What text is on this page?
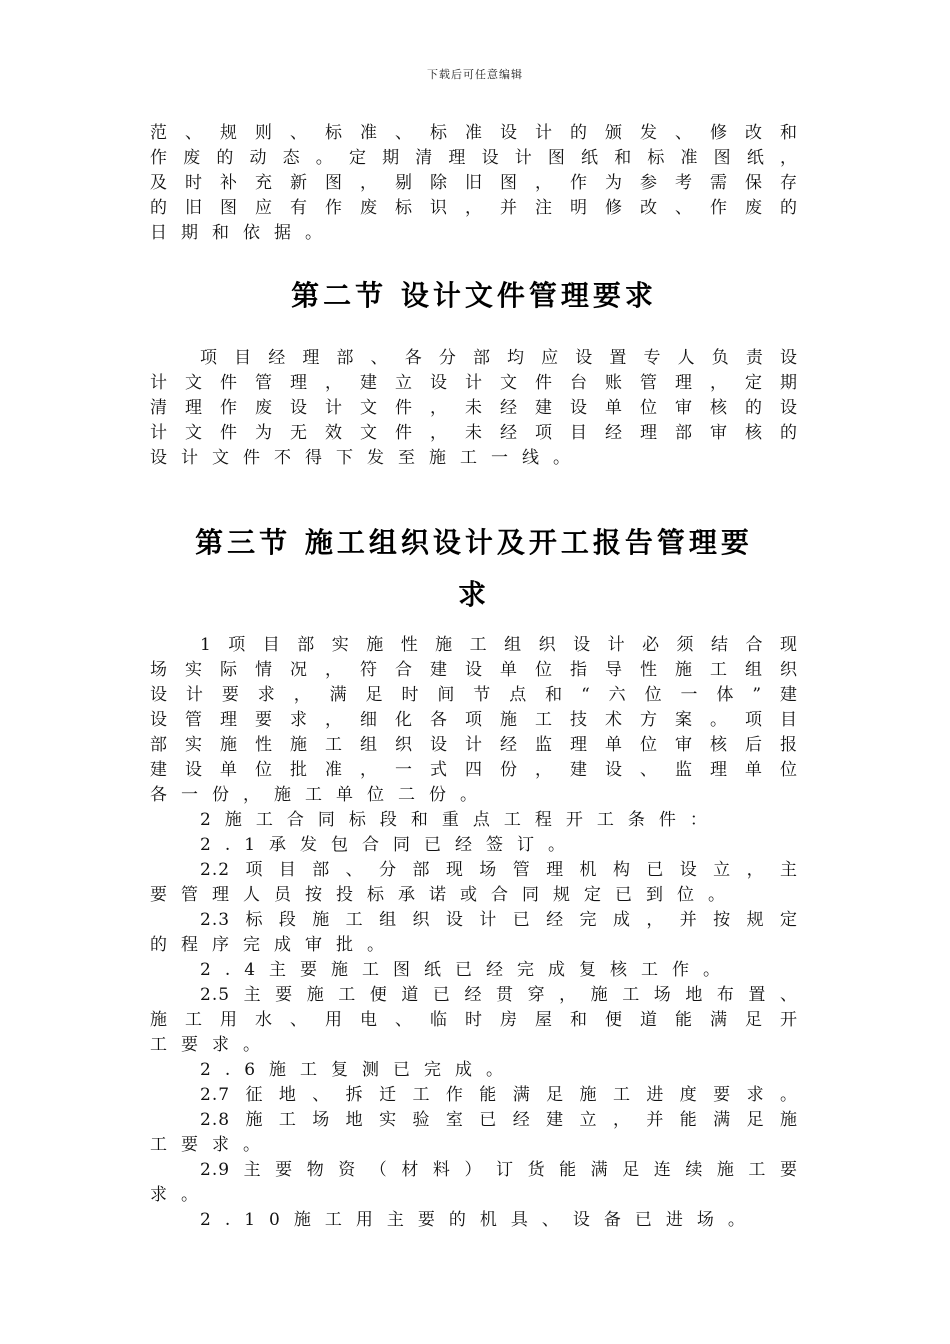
下载后可任意编辑
范、规则、标准、标准设计的颁发、修改和
作废的动态。定期清理设计图纸和标准图纸，
及时补充新图，剔除旧图，作为参考需保存
的旧图应有作废标识，并注明修改、作废的
日期和依据。
第二节 设计文件管理要求
项目经理部、各分部均应设置专人负责设
计文件管理，建立设计文件台账管理，定期
清理作废设计文件，未经建设单位审核的设
计文件为无效文件，未经项目经理部审核的
设计文件不得下发至施工一线。
第三节 施工组织设计及开工报告管理要
求
1项目部实施性施工组织设计必须结合现
场实际情况，符合建设单位指导性施工组织
设计要求，满足时间节点和“六位一体”建
设管理要求，细化各项施工技术方案。项目
部实施性施工组织设计经监理单位审核后报
建设单位批准，一式四份，建设、监理单位
各一份，施工单位二份。
2施工合同标段和重点工程开工条件：
2.1承发包合同已经签订。
2.2项目部、分部现场管理机构已设立，主
要管理人员按投标承诺或合同规定已到位。
2.3标段施工组织设计已经完成，并按规定
的程序完成审批。
2.4主要施工图纸已经完成复核工作。
2.5主要施工便道已经贯穿，施工场地布置、
施工用水、用电、临时房屋和便道能满足开
工要求。
2.6施工复测已完成。
2.7征地、拆迁工作能满足施工进度要求。
2.8施工场地实验室已经建立，并能满足施
工要求。
2.9主要物资（材料）订货能满足连续施工要
求。
2.10施工用主要的机具、设备已进场。
